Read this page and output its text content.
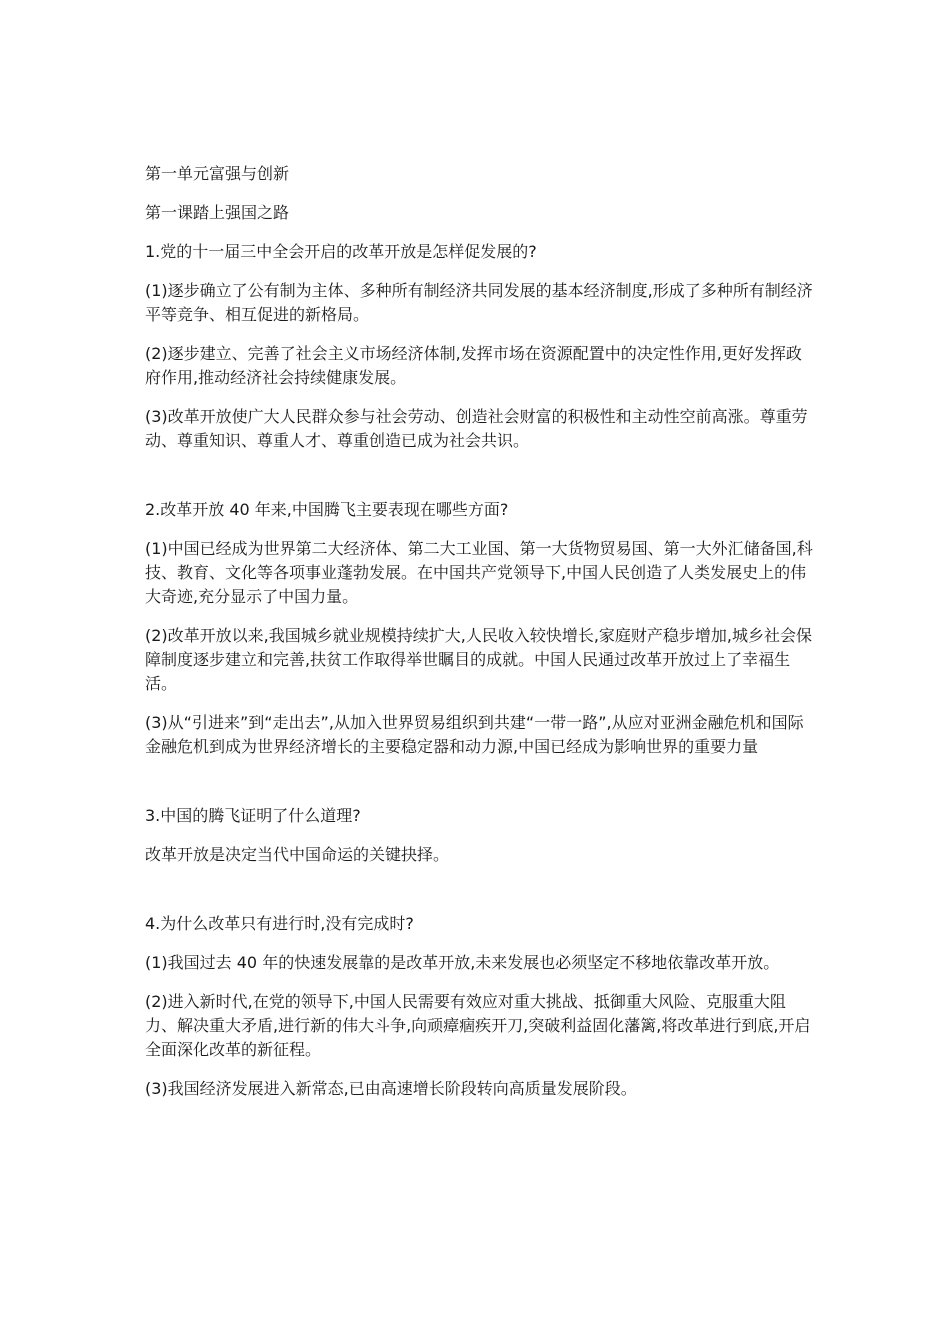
第一单元富强与创新

第一课踏上强国之路

1.党的十一届三中全会开启的改革开放是怎样促发展的?

(1)逐步确立了公有制为主体、多种所有制经济共同发展的基本经济制度,形成了多种所有制经济平等竞争、相互促进的新格局。

(2)逐步建立、完善了社会主义市场经济体制,发挥市场在资源配置中的决定性作用,更好发挥政府作用,推动经济社会持续健康发展。

(3)改革开放使广大人民群众参与社会劳动、创造社会财富的积极性和主动性空前高涨。尊重劳动、尊重知识、尊重人才、尊重创造已成为社会共识。

2.改革开放 40 年来,中国腾飞主要表现在哪些方面?

(1)中国已经成为世界第二大经济体、第二大工业国、第一大货物贸易国、第一大外汇储备国,科技、教育、文化等各项事业蓬勃发展。在中国共产党领导下,中国人民创造了人类发展史上的伟大奇迹,充分显示了中国力量。

(2)改革开放以来,我国城乡就业规模持续扩大,人民收入较快增长,家庭财产稳步增加,城乡社会保障制度逐步建立和完善,扶贫工作取得举世瞩目的成就。中国人民通过改革开放过上了幸福生活。

(3)从“引进来”到“走出去”,从加入世界贸易组织到共建“一带一路”,从应对亚洲金融危机和国际金融危机到成为世界经济增长的主要稳定器和动力源,中国已经成为影响世界的重要力量

3.中国的腾飞证明了什么道理?

改革开放是决定当代中国命运的关键抉择。

4.为什么改革只有进行时,没有完成时?

(1)我国过去 40 年的快速发展靠的是改革开放,未来发展也必须坚定不移地依靠改革开放。

(2)进入新时代,在党的领导下,中国人民需要有效应对重大挑战、抵御重大风险、克服重大阻力、解决重大矛盾,进行新的伟大斗争,向顽瘴痼疾开刀,突破利益固化藩篱,将改革进行到底,开启全面深化改革的新征程。

(3)我国经济发展进入新常态,已由高速增长阶段转向高质量发展阶段。
